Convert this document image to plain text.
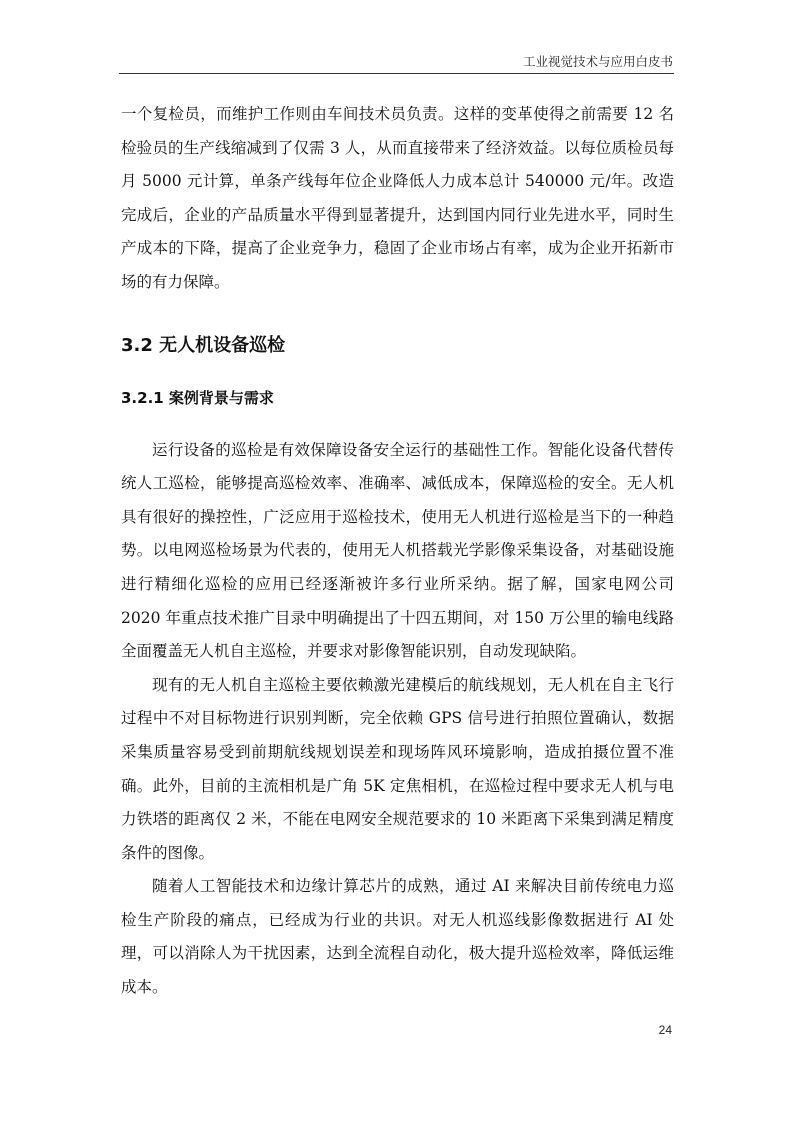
工业视觉技术与应用白皮书

一个复检员，而维护工作则由车间技术员负责。这样的变革使得之前需要 12 名检验员的生产线缩减到了仅需 3 人，从而直接带来了经济效益。以每位质检员每月 5000 元计算，单条产线每年位企业降低人力成本总计 540000 元/年。改造完成后，企业的产品质量水平得到显著提升，达到国内同行业先进水平，同时生产成本的下降，提高了企业竞争力，稳固了企业市场占有率，成为企业开拓新市场的有力保障。

3.2 无人机设备巡检
3.2.1 案例背景与需求

运行设备的巡检是有效保障设备安全运行的基础性工作。智能化设备代替传统人工巡检，能够提高巡检效率、准确率、减低成本，保障巡检的安全。无人机具有很好的操控性，广泛应用于巡检技术，使用无人机进行巡检是当下的一种趋势。以电网巡检场景为代表的，使用无人机搭载光学影像采集设备，对基础设施进行精细化巡检的应用已经逐渐被许多行业所采纳。据了解，国家电网公司 2020 年重点技术推广目录中明确提出了十四五期间，对 150 万公里的输电线路全面覆盖无人机自主巡检，并要求对影像智能识别，自动发现缺陷。

现有的无人机自主巡检主要依赖激光建模后的航线规划，无人机在自主飞行过程中不对目标物进行识别判断，完全依赖 GPS 信号进行拍照位置确认，数据采集质量容易受到前期航线规划误差和现场阵风环境影响，造成拍摄位置不准确。此外，目前的主流相机是广角 5K 定焦相机，在巡检过程中要求无人机与电力铁塔的距离仅 2 米，不能在电网安全规范要求的 10 米距离下采集到满足精度条件的图像。

随着人工智能技术和边缘计算芯片的成熟，通过 AI 来解决目前传统电力巡检生产阶段的痛点，已经成为行业的共识。对无人机巡线影像数据进行 AI 处理，可以消除人为干扰因素，达到全流程自动化，极大提升巡检效率，降低运维成本。

24
